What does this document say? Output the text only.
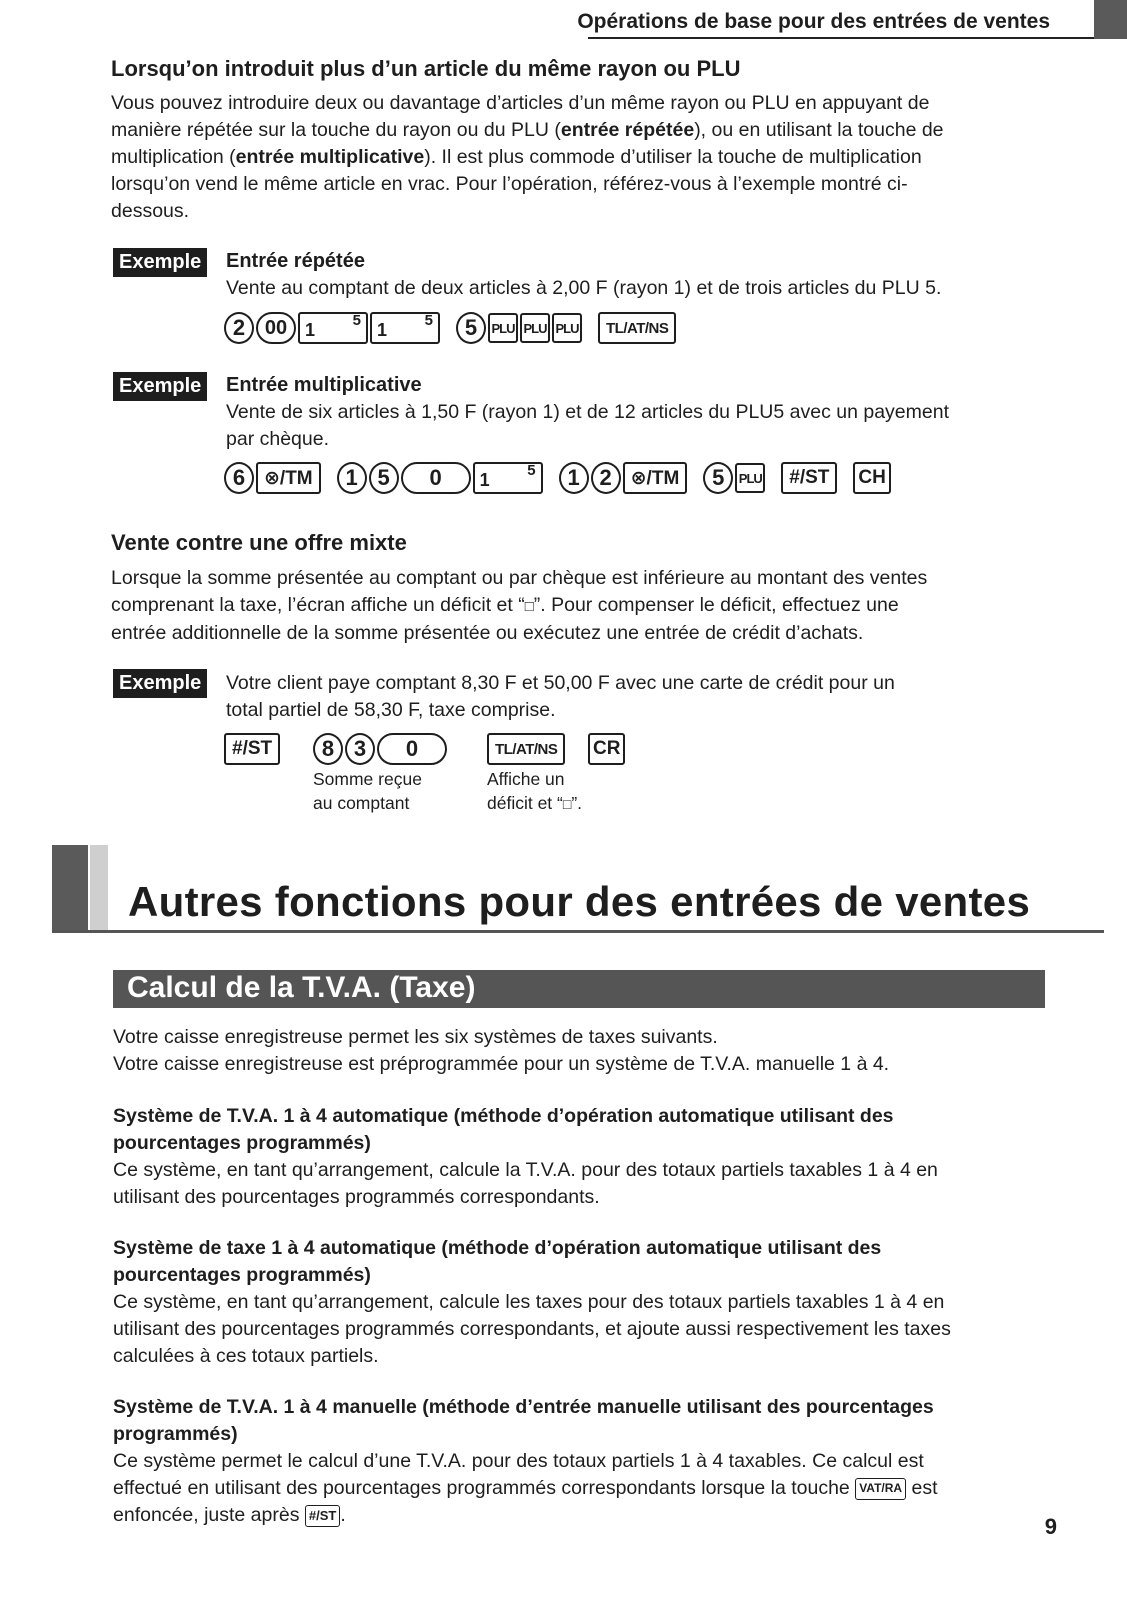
Opérations de base pour des entrées de ventes
Lorsqu’on introduit plus d’un article du même rayon ou PLU
Vous pouvez introduire deux ou davantage d’articles d’un même rayon ou PLU en appuyant de
manière répétée sur la touche du rayon ou du PLU (entrée répétée), ou en utilisant la touche de
multiplication (entrée multiplicative). Il est plus commode d’utiliser la touche de multiplication
lorsqu’on vend le même article en vrac. Pour l’opération, référez-vous à l’exemple montré ci-
dessous.
Exemple	Entrée répétée
Vente au comptant de deux articles à 2,00 F (rayon 1) et de trois articles du PLU 5.
2 00 1	5 1	5	5	PLU PLU PLU	TL/AT/NS
Exemple	Entrée multiplicative
Vente de six articles à 1,50 F (rayon 1) et de 12 articles du PLU5 avec un payement
par chèque.
6 ⊗/TM	1 5	0	1	5	1 2 ⊗/TM	5	PLU	#/ST	CH
Vente contre une offre mixte
Lorsque la somme présentée au comptant ou par chèque est inférieure au montant des ventes
comprenant la taxe, l’écran affiche un déficit et “□”. Pour compenser le déficit, effectuez une
entrée additionnelle de la somme présentée ou exécutez une entrée de crédit d’achats.
Exemple	Votre client paye comptant 8,30 F et 50,00 F avec une carte de crédit pour un
total partiel de 58,30 F, taxe comprise.
#/ST	8 3	0	TL/AT/NS	CR
Somme reçue
au comptant
Affiche un
déficit et “□”.
Autres fonctions pour des entrées de ventes
Calcul de la T.V.A. (Taxe)
Votre caisse enregistreuse permet les six systèmes de taxes suivants.
Votre caisse enregistreuse est préprogrammée pour un système de T.V.A. manuelle 1 à 4.
Système de T.V.A. 1 à 4 automatique (méthode d’opération automatique utilisant des
pourcentages programmés)
Ce système, en tant qu’arrangement, calcule la T.V.A. pour des totaux partiels taxables 1 à 4 en
utilisant des pourcentages programmés correspondants.
Système de taxe 1 à 4 automatique (méthode d’opération automatique utilisant des
pourcentages programmés)
Ce système, en tant qu’arrangement, calcule les taxes pour des totaux partiels taxables 1 à 4 en
utilisant des pourcentages programmés correspondants, et ajoute aussi respectivement les taxes
calculées à ces totaux partiels.
Système de T.V.A. 1 à 4 manuelle (méthode d’entrée manuelle utilisant des pourcentages
programmés)
Ce système permet le calcul d’une T.V.A. pour des totaux partiels 1 à 4 taxables. Ce calcul est
effectué en utilisant des pourcentages programmés correspondants lorsque la touche VAT/RA est
enfoncée, juste après #/ST .	9
